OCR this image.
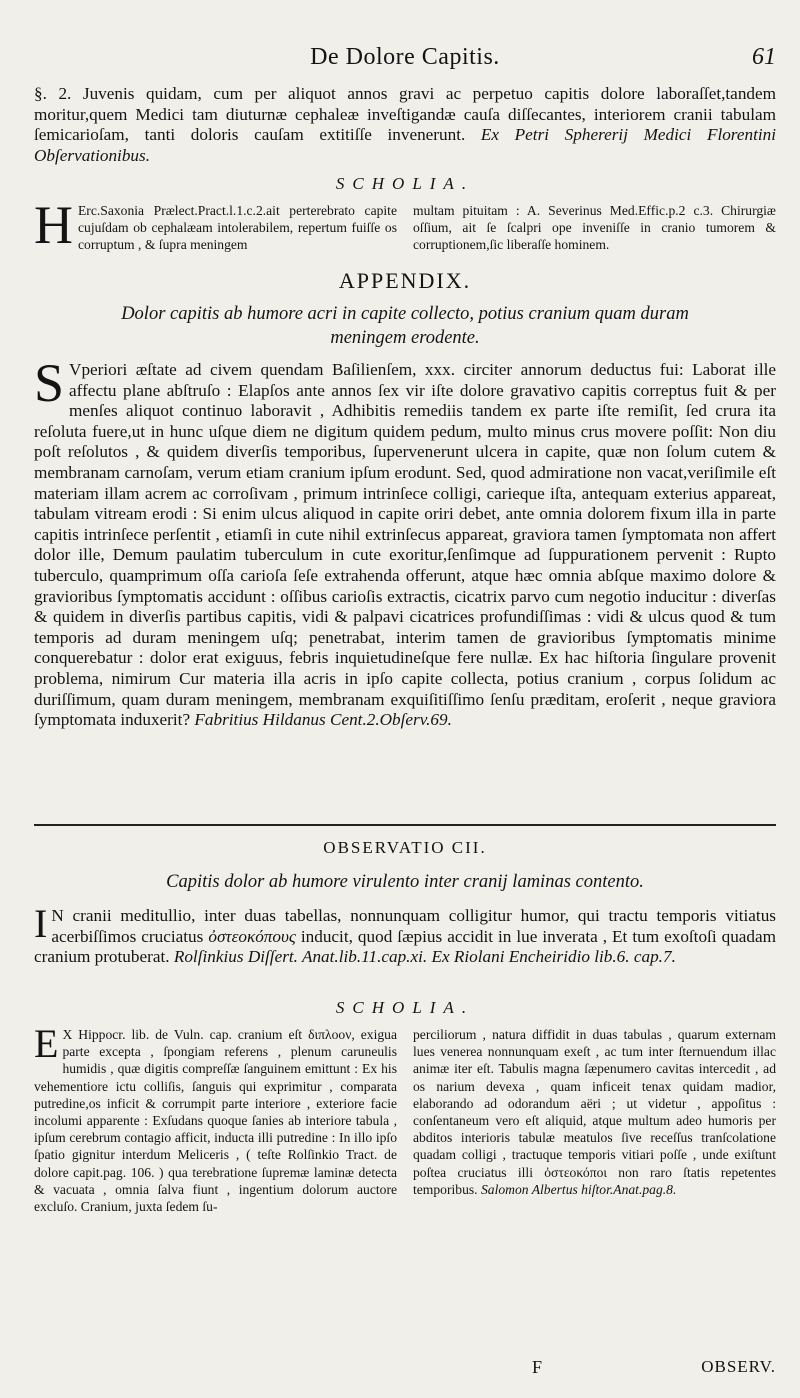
De Dolore Capitis.	61

§. 2. Juvenis quidam, cum per aliquot annos gravi ac perpetuo capitis dolore laboraſſet,tandem moritur,quem Medici tam diuturnæ cephaleæ inveſtigandæ cauſa diſſecantes, interiorem cranii tabulam ſemicarioſam, tanti doloris cauſam extitiſſe invenerunt. Ex Petri Sphererij Medici Florentini Obſervationibus.

SCHOLIA.
H Erc.Saxonia Prælect.Pract.l.1.c.2.ait perterebrato capite cujuſdam ob cephalæam intolerabilem, repertum fuiſſe os corruptum , & ſupra meningem
multam pituitam : A. Severinus Med.Effic.p.2 c.3. Chirurgiæ oſſium, ait ſe ſcalpri ope inveniſſe in cranio tumorem & corruptionem,ſic liberaſſe hominem.
APPENDIX.
Dolor capitis ab humore acri in capite collecto, potius cranium quam duram meningem erodente.

S Vperiori æſtate ad civem quendam Baſilienſem, xxx. circiter annorum deductus fui: Laborat ille affectu plane abſtruſo : Elapſos ante annos ſex vir iſte dolore gravativo capitis correptus fuit & per menſes aliquot continuo laboravit , Adhibitis remediis tandem ex parte iſte remiſit, ſed crura ita reſoluta fuere,ut in hunc uſque diem ne digitum quidem pedum, multo minus crus movere poſſit: Non diu poſt reſolutos , & quidem diverſis temporibus, ſupervenerunt ulcera in capite, quæ non ſolum cutem & membranam carnoſam, verum etiam cranium ipſum erodunt. Sed, quod admiratione non vacat,veriſimile eſt materiam illam acrem ac corroſivam , primum intrinſece colligi, carieque iſta, antequam exterius appareat, tabulam vitream erodi : Si enim ulcus aliquod in capite oriri debet, ante omnia dolorem fixum illa in parte capitis intrinſece perſentit , etiamſi in cute nihil extrinſecus appareat, graviora tamen ſymptomata non affert dolor ille, Demum paulatim tuberculum in cute exoritur,ſenſimque ad ſuppurationem pervenit : Rupto tuberculo, quamprimum oſſa carioſa ſeſe extrahenda offerunt, atque hæc omnia abſque maximo dolore & gravioribus ſymptomatis accidunt : oſſibus carioſis extractis, cicatrix parvo cum negotio inducitur : diverſas & quidem in diverſis partibus capitis, vidi & palpavi cicatrices profundiſſimas : vidi & ulcus quod & tum temporis ad duram meningem uſq; penetrabat, interim tamen de gravioribus ſymptomatis minime conquerebatur : dolor erat exiguus, febris inquietudineſque fere nullæ. Ex hac hiſtoria ſingulare provenit problema, nimirum Cur materia illa acris in ipſo capite collecta, potius cranium , corpus ſolidum ac duriſſimum, quam duram meningem, membranam exquiſitiſſimo ſenſu præditam, eroſerit , neque graviora ſymptomata induxerit? Fabritius Hildanus Cent.2.Obſerv.69.

OBSERVATIO CII.
Capitis dolor ab humore virulento inter cranij laminas contento.

I N cranii meditullio, inter duas tabellas, nonnunquam colligitur humor, qui tractu temporis vitiatus acerbiſſimos cruciatus ὀστεοκόπους inducit, quod ſæpius accidit in lue inverata , Et tum exoſtoſi quadam cranium protuberat. Rolſinkius Diſſert. Anat.lib.11.cap.xi. Ex Riolani Encheiridio lib.6. cap.7.

SCHOLIA.
E X Hippocr. lib. de Vuln. cap. cranium eſt διπλοον, exigua parte excepta , ſpongiam referens , plenum caruneulis humidis , quæ digitis compreſſæ ſanguinem emittunt : Ex his vehementiore ictu colliſis, ſanguis qui exprimitur , comparata putredine,os inficit & corrumpit parte interiore , exteriore facie incolumi apparente : Exſudans quoque ſanies ab interiore tabula , ipſum cerebrum contagio afficit, inducta illi putredine : In illo ipſo ſpatio gignitur interdum Meliceris , ( teſte Rolſinkio Tract. de dolore capit.pag. 106. ) qua terebratione ſupremæ laminæ detecta & vacuata , omnia ſalva fiunt , ingentium dolorum auctore excluſo. Cranium, juxta ſedem ſu-
perciliorum , natura diffidit in duas tabulas , quarum externam lues venerea nonnunquam exeſt , ac tum inter ſternuendum illac animæ iter eſt. Tabulis magna ſæpenumero cavitas intercedit , ad os narium devexa , quam inficeit tenax quidam madior, elaborando ad odorandum aëri ; ut videtur , appoſitus : conſentaneum vero eſt aliquid, atque multum adeo humoris per abditos interioris tabulæ meatulos ſive receſſus tranſcolatione quadam colligi , tractuque temporis vitiari poſſe , unde exiſtunt poſtea cruciatus illi ὀστεοκόποι non raro ſtatis repetentes temporibus. Salomon Albertus hiſtor.Anat.pag.8.
F	OBSERV.
